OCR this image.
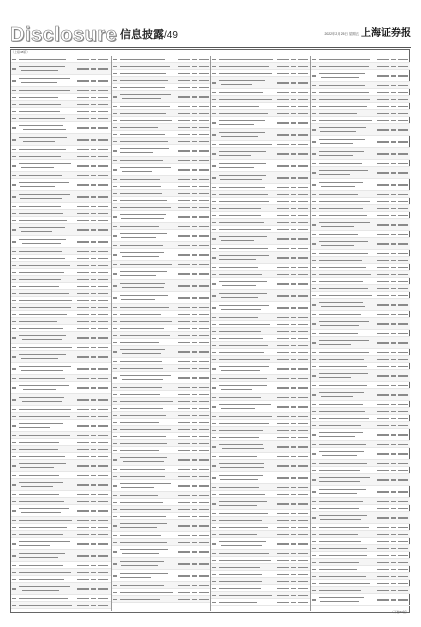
Disclosure 信息披露/49	2022年2月25日 星期五 上海证券报
（上接48版）
（下转50版）
